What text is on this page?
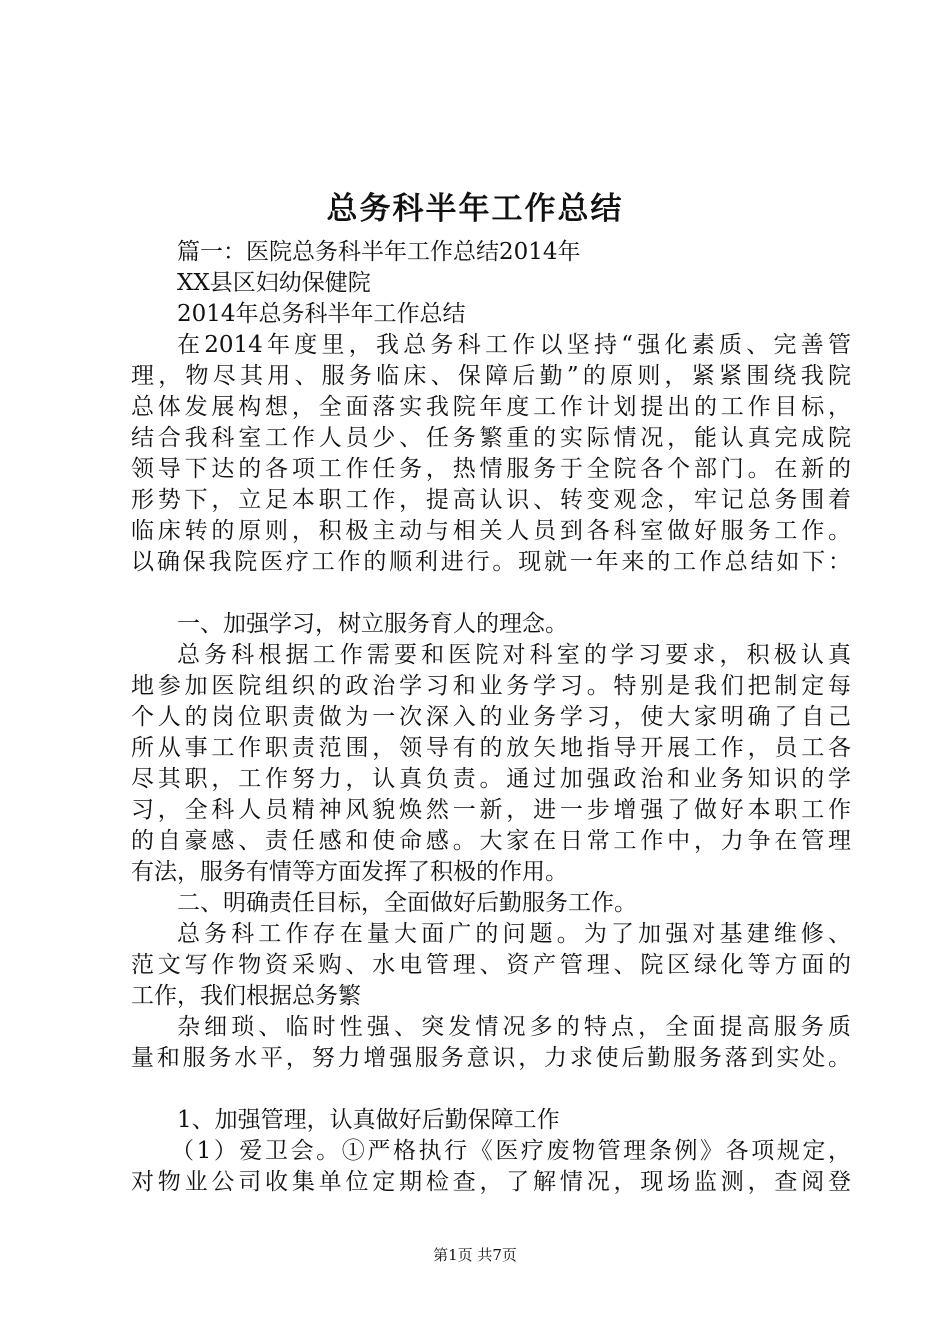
总务科半年工作总结
篇一：医院总务科半年工作总结2014年
XX县区妇幼保健院
2014年总务科半年工作总结
在2014年度里，我总务科工作以坚持“强化素质、完善管
理，物尽其用、服务临床、保障后勤”的原则，紧紧围绕我院
总体发展构想，全面落实我院年度工作计划提出的工作目标，
结合我科室工作人员少、任务繁重的实际情况，能认真完成院
领导下达的各项工作任务，热情服务于全院各个部门。在新的
形势下，立足本职工作，提高认识、转变观念，牢记总务围着
临床转的原则，积极主动与相关人员到各科室做好服务工作。
以确保我院医疗工作的顺利进行。现就一年来的工作总结如下：
一、加强学习，树立服务育人的理念。
总务科根据工作需要和医院对科室的学习要求，积极认真
地参加医院组织的政治学习和业务学习。特别是我们把制定每
个人的岗位职责做为一次深入的业务学习，使大家明确了自己
所从事工作职责范围，领导有的放矢地指导开展工作，员工各
尽其职，工作努力，认真负责。通过加强政治和业务知识的学
习，全科人员精神风貌焕然一新，进一步增强了做好本职工作
的自豪感、责任感和使命感。大家在日常工作中，力争在管理
有法，服务有情等方面发挥了积极的作用。
二、明确责任目标，全面做好后勤服务工作。
总务科工作存在量大面广的问题。为了加强对基建维修、
范文写作物资采购、水电管理、资产管理、院区绿化等方面的
工作，我们根据总务繁
杂细琐、临时性强、突发情况多的特点，全面提高服务质
量和服务水平，努力增强服务意识，力求使后勤服务落到实处。
1、加强管理，认真做好后勤保障工作
（1）爱卫会。①严格执行《医疗废物管理条例》各项规定，
对物业公司收集单位定期检查，了解情况，现场监测，查阅登
第1页 共7页
